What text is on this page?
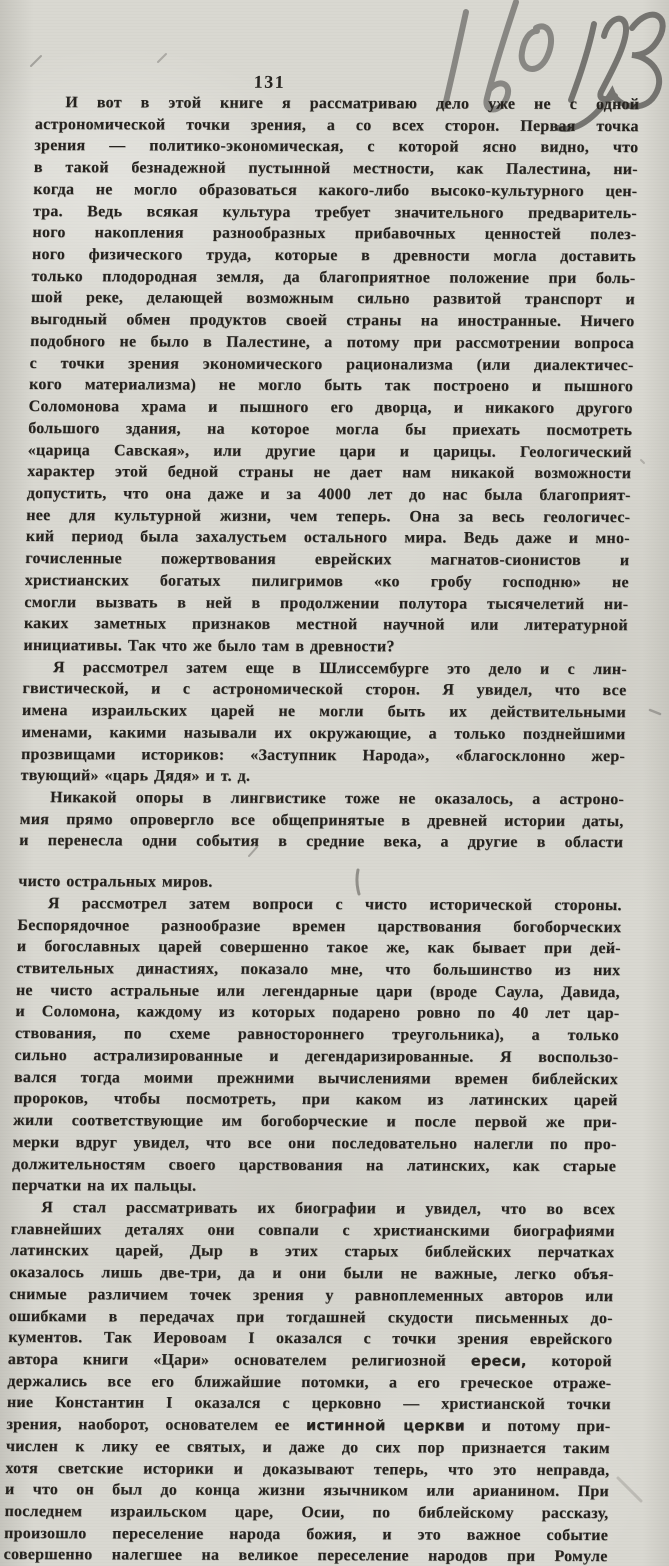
131
И вот в этой книге я рассматриваю дело уже не с одной
астрономической точки зрения, а со всех сторон. Первая точка
зрения — политико-экономическая, с которой ясно видно, что
в такой безнадежной пустынной местности, как Палестина, ни-
когда не могло образоваться какого-либо высоко-культурного цен-
тра. Ведь всякая культура требует значительного предваритель-
ного накопления разнообразных прибавочных ценностей полез-
ного физического труда, которые в древности могла доставить
только плодородная земля, да благоприятное положение при боль-
шой реке, делающей возможным сильно развитой транспорт и
выгодный обмен продуктов своей страны на иностранные. Ничего
подобного не было в Палестине, а потому при рассмотрении вопроса
с точки зрения экономического рационализма (или диалектичес-
кого материализма) не могло быть так построено и пышного
Соломонова храма и пышного его дворца, и никакого другого
большого здания, на которое могла бы приехать посмотреть
«царица Савская», или другие цари и царицы. Геологический
характер этой бедной страны не дает нам никакой возможности
допустить, что она даже и за 4000 лет до нас была благоприят-
нее для культурной жизни, чем теперь. Она за весь геологичес-
кий период была захалустьем остального мира. Ведь даже и мно-
гочисленные пожертвования еврейских магнатов-сионистов и
христианских богатых пилигримов «ко гробу господню» не
смогли вызвать в ней в продолжении полутора тысячелетий ни-
каких заметных признаков местной научной или литературной
инициативы. Так что же было там в древности?
Я рассмотрел затем еще в Шлиссембурге это дело и с лин-
гвистической, и с астрономической сторон. Я увидел, что все
имена израильских царей не могли быть их действительными
именами, какими называли их окружающие, а только позднейшими
прозвищами историков: «Заступник Народа», «благосклонно жер-
твующий» «царь Дядя» и т. д.
Никакой опоры в лингвистике тоже не оказалось, а астроно-
мия прямо опровергло все общепринятые в древней истории даты,
и перенесла одни события в средние века, а другие в области
чисто остральных миров.
Я рассмотрел затем вопроси с чисто исторической стороны.
Беспорядочное разнообразие времен царствования богоборческих
и богославных царей совершенно такое же, как бывает при дей-
ствительных династиях, показало мне, что большинство из них
не чисто астральные или легендарные цари (вроде Саула, Давида,
и Соломона, каждому из которых подарено ровно по 40 лет цар-
ствования, по схеме равностороннего треугольника), а только
сильно астрализированные и дегендаризированные. Я воспользо-
вался тогда моими прежними вычислениями времен библейских
пророков, чтобы посмотреть, при каком из латинских царей
жили соответствующие им богоборческие и после первой же при-
мерки вдруг увидел, что все они последовательно налегли по про-
должительностям своего царствования на латинских, как старые
перчатки на их пальцы.
Я стал рассматривать их биографии и увидел, что во всех
главнейших деталях они совпали с христианскими биографиями
латинских царей, Дыр в этих старых библейских перчатках
оказалось лишь две-три, да и они были не важные, легко объя-
снимые различием точек зрения у равноплеменных авторов или
ошибками в передачах при тогдашней скудости письменных до-
кументов. Так Иеровоам I оказался с точки зрения еврейского
автора книги «Цари» основателем религиозной ереси, которой
держались все его ближайшие потомки, а его греческое отраже-
ние Константин I оказался с церковно — христианской точки
зрения, наоборот, основателем ее истинной церкви и потому при-
числен к лику ее святых, и даже до сих пор признается таким
хотя светские историки и доказывают теперь, что это неправда,
и что он был до конца жизни язычником или арианином. При
последнем израильском царе, Осии, по библейскому рассказу,
произошло переселение народа божия, и это важное событие
совершенно налегшее на великое переселение народов при Ромуле
